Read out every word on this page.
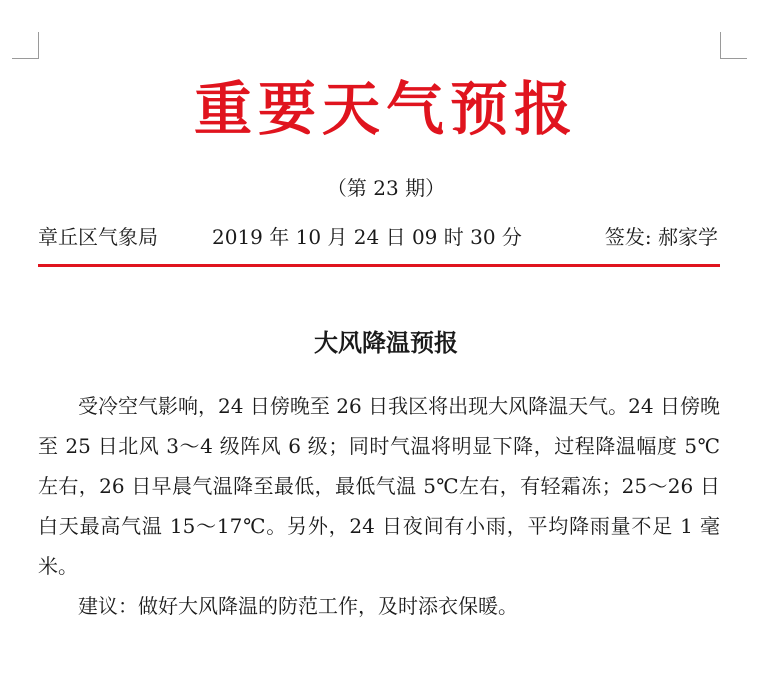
重要天气预报
（第 23 期）
章丘区气象局	2019 年 10 月 24 日 09 时 30 分	签发: 郝家学
大风降温预报

受冷空气影响，24 日傍晚至 26 日我区将出现大风降温天气。24 日傍晚至 25 日北风 3～4 级阵风 6 级；同时气温将明显下降，过程降温幅度 5℃左右，26 日早晨气温降至最低，最低气温 5℃左右，有轻霜冻；25～26 日白天最高气温 15～17℃。另外，24 日夜间有小雨，平均降雨量不足 1 毫米。

建议：做好大风降温的防范工作，及时添衣保暖。
